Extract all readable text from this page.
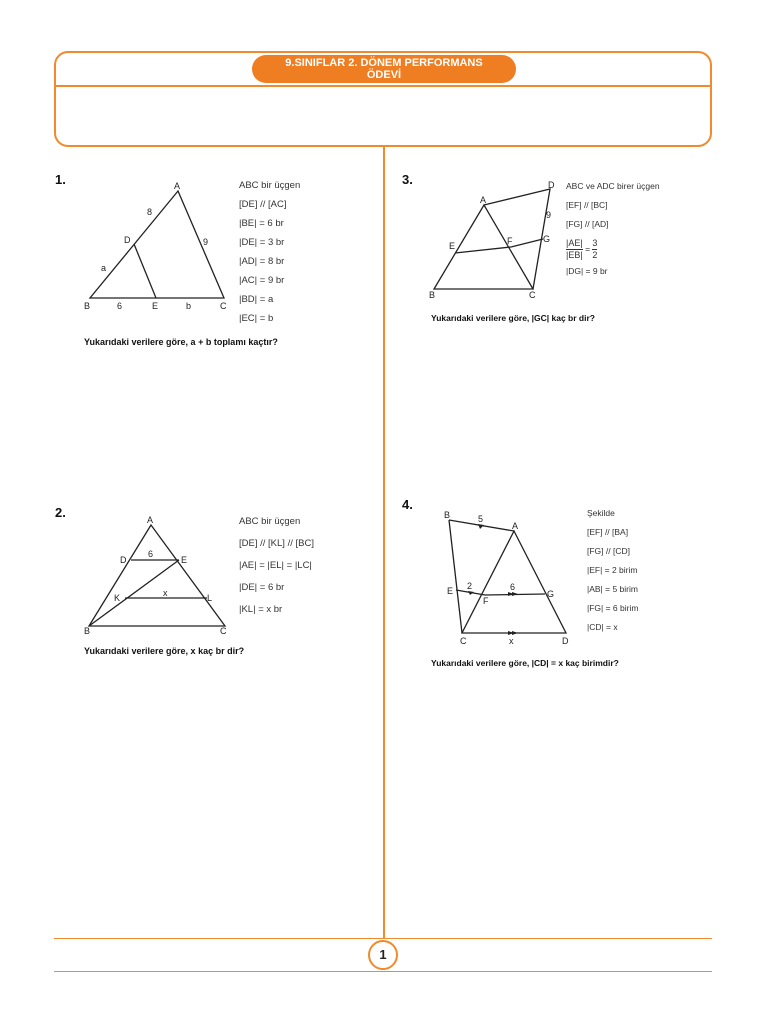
9.SINIFLAR 2. DÖNEM PERFORMANS
ÖDEVİ
1
1.	A
B	C
D
E
8
9
a
6	b
ABC bir üçgen
[DE] // [AC]
|BE| = 6 br
|DE| = 3 br
|AD| = 8 br
|AC| = 9 br
|BD| = a
|EC| = b
Yukarıdaki verilere göre, a + b toplamı kaçtır?
3.
A
B	C
D
E	F	G
9
ABC ve ADC birer üçgen
[EF] // [BC]
[FG] // [AD]
$\frac{|AE|}{|EB|} = \frac{3}{2}$
|DG| = 9 br
Yukarıdaki verilere göre, |GC| kaç br dir?
2.	A
B	C
D	E
K	L
6
x
ABC bir üçgen
[DE] // [KL] // [BC]
|AE| = |EL| = |LC|
|DE| = 6 br
|KL| = x br
Yukarıdaki verilere göre, x kaç br dir?
4.
B
A
C	D
E
F
G
5
2	6
x
Şekilde
[EF] // [BA]
[FG] // [CD]
|EF| = 2 birim
|AB| = 5 birim
|FG| = 6 birim
|CD| = x
Yukarıdaki verilere göre, |CD| = x kaç birimdir?
